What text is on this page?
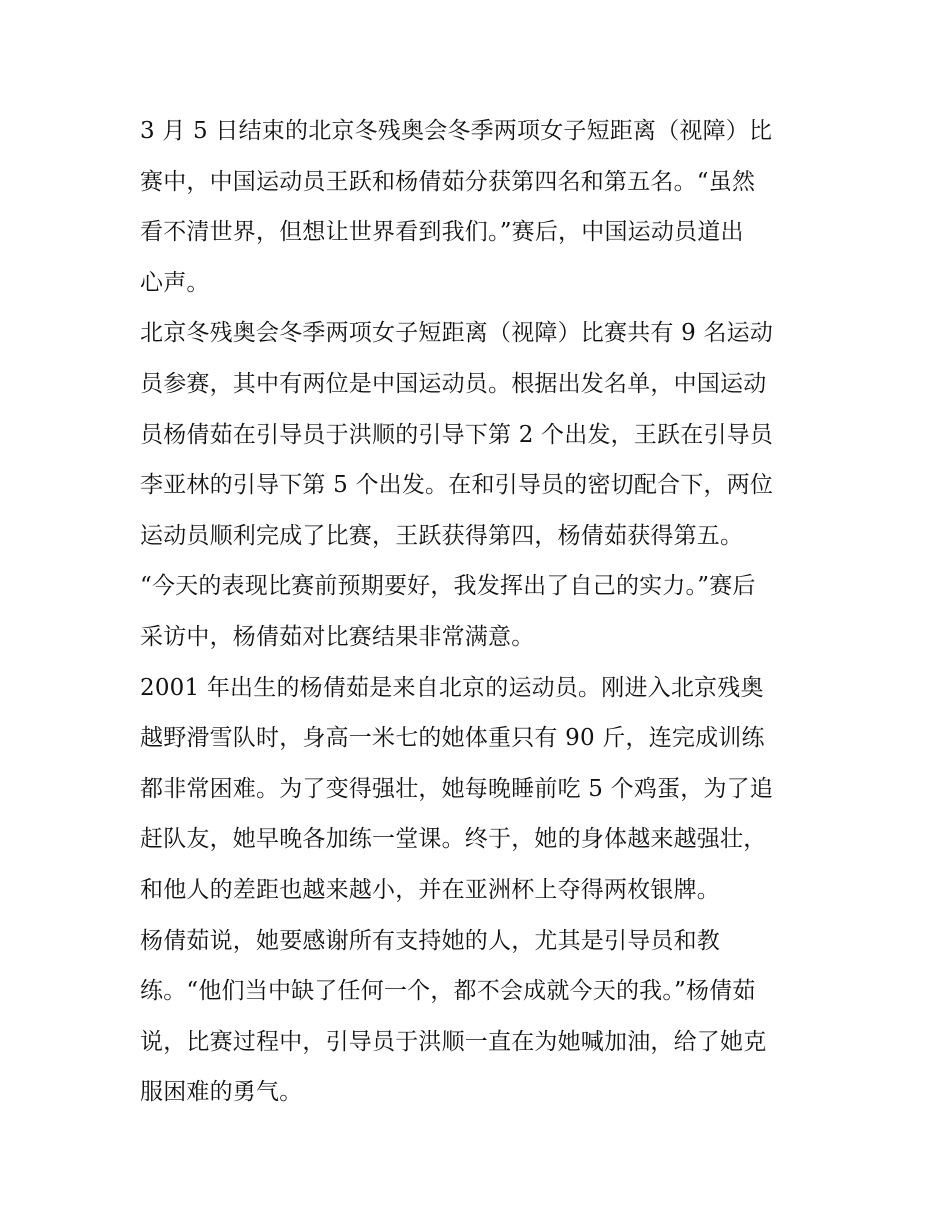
3 月 5 日结束的北京冬残奥会冬季两项女子短距离（视障）比
赛中，中国运动员王跃和杨倩茹分获第四名和第五名。“虽然
看不清世界，但想让世界看到我们。”赛后，中国运动员道出
心声。
北京冬残奥会冬季两项女子短距离（视障）比赛共有 9 名运动
员参赛，其中有两位是中国运动员。根据出发名单，中国运动
员杨倩茹在引导员于洪顺的引导下第 2 个出发，王跃在引导员
李亚林的引导下第 5 个出发。在和引导员的密切配合下，两位
运动员顺利完成了比赛，王跃获得第四，杨倩茹获得第五。
“今天的表现比赛前预期要好，我发挥出了自己的实力。”赛后
采访中，杨倩茹对比赛结果非常满意。
2001 年出生的杨倩茹是来自北京的运动员。刚进入北京残奥
越野滑雪队时，身高一米七的她体重只有 90 斤，连完成训练
都非常困难。为了变得强壮，她每晚睡前吃 5 个鸡蛋，为了追
赶队友，她早晚各加练一堂课。终于，她的身体越来越强壮，
和他人的差距也越来越小，并在亚洲杯上夺得两枚银牌。
杨倩茹说，她要感谢所有支持她的人，尤其是引导员和教
练。“他们当中缺了任何一个，都不会成就今天的我。”杨倩茹
说，比赛过程中，引导员于洪顺一直在为她喊加油，给了她克
服困难的勇气。
